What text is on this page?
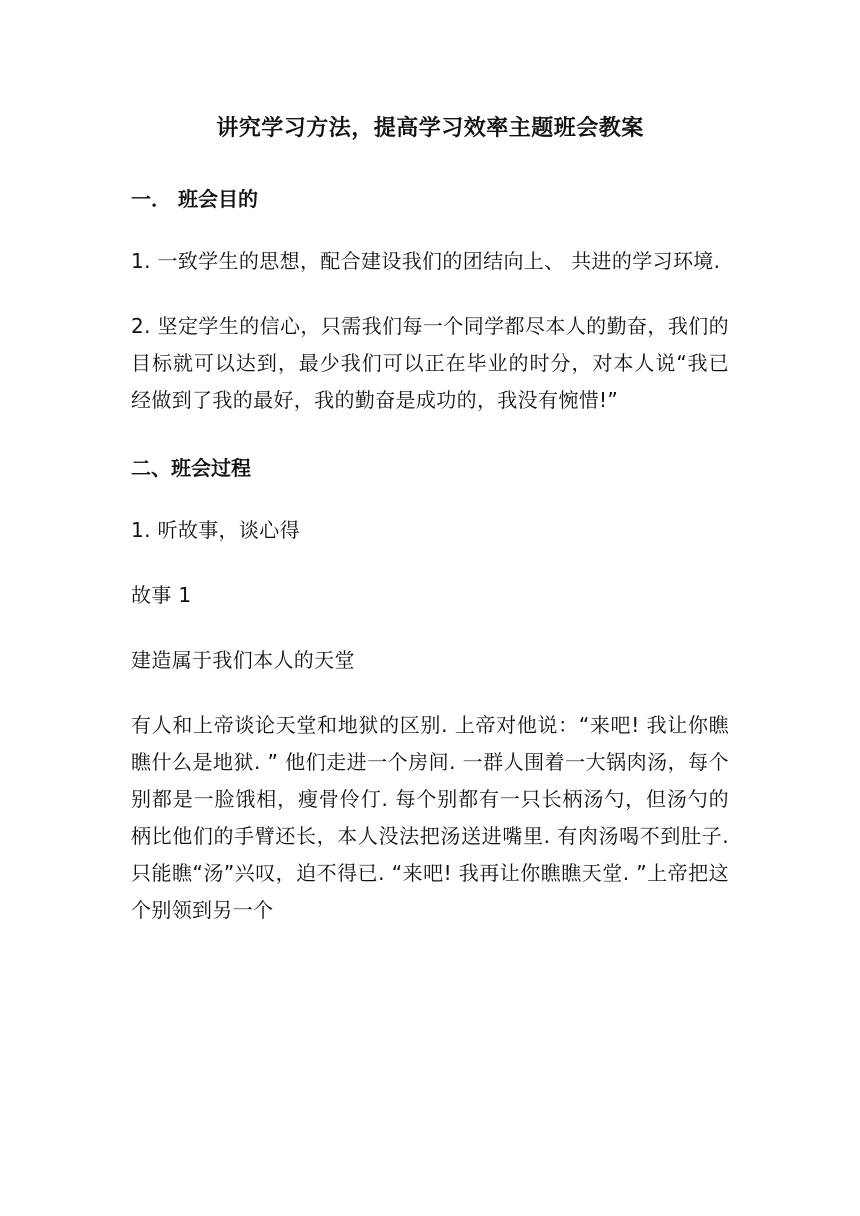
讲究学习方法，提高学习效率主题班会教案
一． 班会目的

1. 一致学生的思想，配合建设我们的团结向上、 共进的学习环境.

2. 坚定学生的信心，只需我们每一个同学都尽本人的勤奋，我们的目标就可以达到，最少我们可以正在毕业的时分，对本人说“我已经做到了我的最好，我的勤奋是成功的，我没有惋惜!”

二、班会过程

1. 听故事，谈心得

故事 1

建造属于我们本人的天堂

有人和上帝谈论天堂和地狱的区别. 上帝对他说：“来吧! 我让你瞧瞧什么是地狱. ” 他们走进一个房间. 一群人围着一大锅肉汤，每个别都是一脸饿相，瘦骨伶仃. 每个别都有一只长柄汤勺，但汤勺的柄比他们的手臂还长，本人没法把汤送进嘴里. 有肉汤喝不到肚子. 只能瞧“汤”兴叹，迫不得已. “来吧! 我再让你瞧瞧天堂. ”上帝把这个别领到另一个
